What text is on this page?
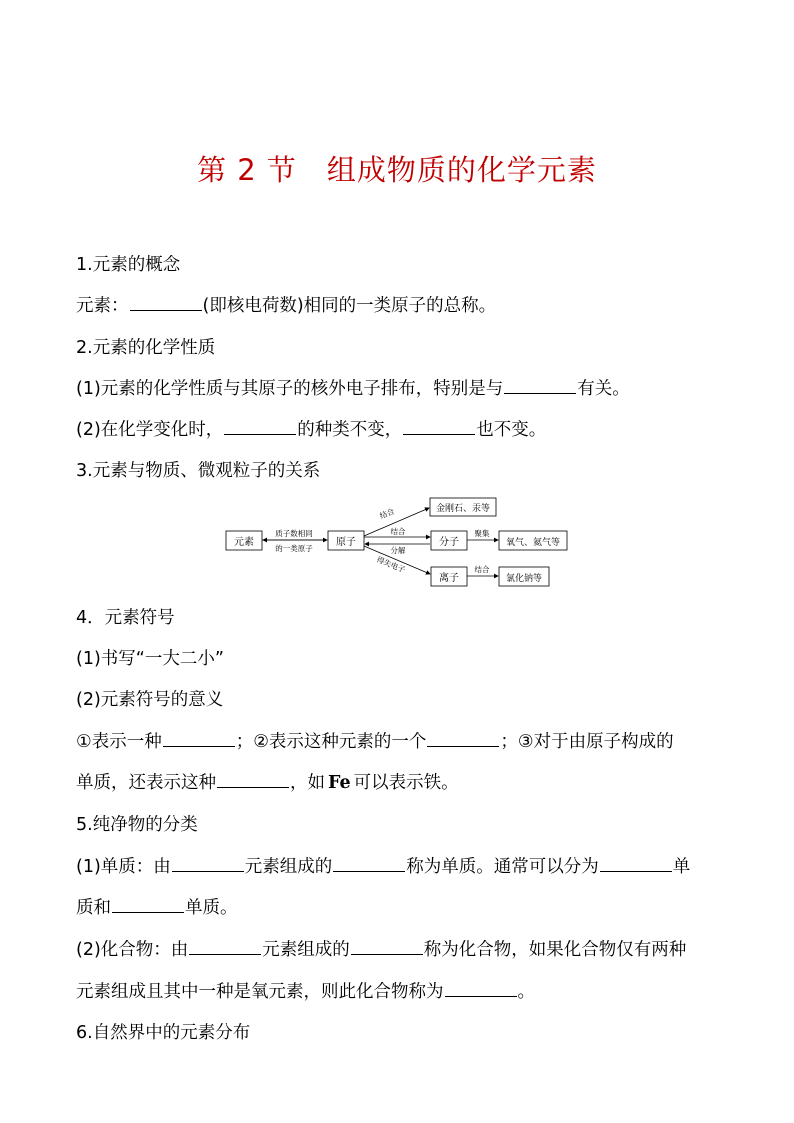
第 2 节　组成物质的化学元素
1.元素的概念
元素：	(即核电荷数)相同的一类原子的总称。
2.元素的化学性质
(1)元素的化学性质与其原子的核外电子排布，特别是与	有关。
(2)在化学变化时，	的种类不变，	也不变。
3.元素与物质、微观粒子的关系
元素
质子数相同
的一类原子
原子
结合	金刚石、汞等
结合
分解
分子
聚集
氧气、氦气等
得失电子
离子
结合
氯化钠等
4．元素符号
(1)书写“一大二小”
(2)元素符号的意义
①表示一种	；②表示这种元素的一个	；③对于由原子构成的
单质，还表示这种	，如 Fe 可以表示铁。
5.纯净物的分类
(1)单质：由	元素组成的	称为单质。通常可以分为	单
质和	单质。
(2)化合物：由	元素组成的	称为化合物，如果化合物仅有两种
元素组成且其中一种是氧元素，则此化合物称为	。
6.自然界中的元素分布
